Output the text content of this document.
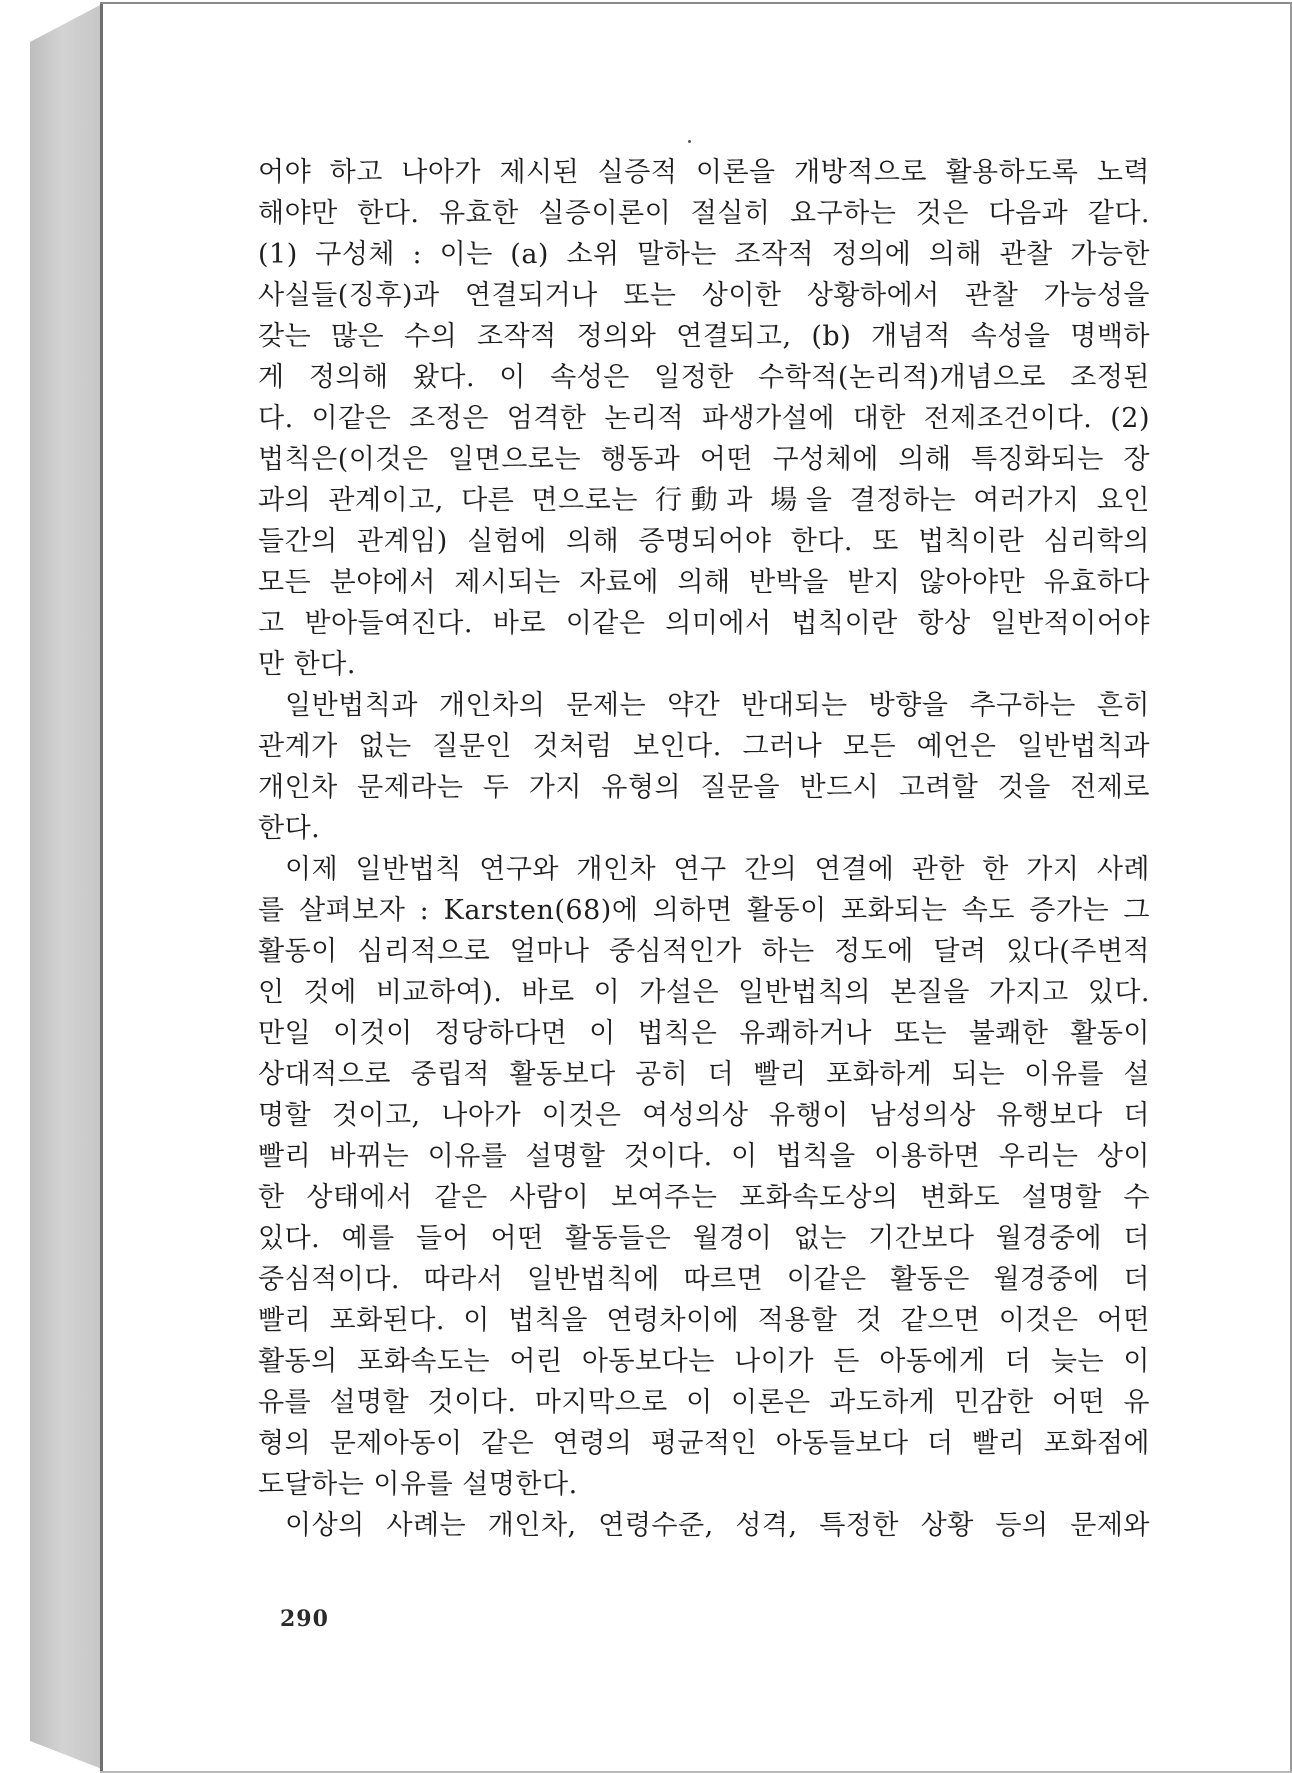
어야 하고 나아가 제시된 실증적 이론을 개방적으로 활용하도록 노력
해야만 한다. 유효한 실증이론이 절실히 요구하는 것은 다음과 같다.
(1) 구성체 : 이는 (a) 소위 말하는 조작적 정의에 의해 관찰 가능한
사실들(징후)과 연결되거나 또는 상이한 상황하에서 관찰 가능성을
갖는 많은 수의 조작적 정의와 연결되고, (b) 개념적 속성을 명백하
게 정의해 왔다. 이 속성은 일정한 수학적(논리적)개념으로 조정된
다. 이같은 조정은 엄격한 논리적 파생가설에 대한 전제조건이다. (2)
법칙은(이것은 일면으로는 행동과 어떤 구성체에 의해 특징화되는 장
과의 관계이고, 다른 면으로는 行動과 場을 결정하는 여러가지 요인
들간의 관계임) 실험에 의해 증명되어야 한다. 또 법칙이란 심리학의
모든 분야에서 제시되는 자료에 의해 반박을 받지 않아야만 유효하다
고 받아들여진다. 바로 이같은 의미에서 법칙이란 항상 일반적이어야
만 한다.
일반법칙과 개인차의 문제는 약간 반대되는 방향을 추구하는 흔히
관계가 없는 질문인 것처럼 보인다. 그러나 모든 예언은 일반법칙과
개인차 문제라는 두 가지 유형의 질문을 반드시 고려할 것을 전제로
한다.
이제 일반법칙 연구와 개인차 연구 간의 연결에 관한 한 가지 사례
를 살펴보자 : Karsten(68)에 의하면 활동이 포화되는 속도 증가는 그
활동이 심리적으로 얼마나 중심적인가 하는 정도에 달려 있다(주변적
인 것에 비교하여). 바로 이 가설은 일반법칙의 본질을 가지고 있다.
만일 이것이 정당하다면 이 법칙은 유쾌하거나 또는 불쾌한 활동이
상대적으로 중립적 활동보다 공히 더 빨리 포화하게 되는 이유를 설
명할 것이고, 나아가 이것은 여성의상 유행이 남성의상 유행보다 더
빨리 바뀌는 이유를 설명할 것이다. 이 법칙을 이용하면 우리는 상이
한 상태에서 같은 사람이 보여주는 포화속도상의 변화도 설명할 수
있다. 예를 들어 어떤 활동들은 월경이 없는 기간보다 월경중에 더
중심적이다. 따라서 일반법칙에 따르면 이같은 활동은 월경중에 더
빨리 포화된다. 이 법칙을 연령차이에 적용할 것 같으면 이것은 어떤
활동의 포화속도는 어린 아동보다는 나이가 든 아동에게 더 늦는 이
유를 설명할 것이다. 마지막으로 이 이론은 과도하게 민감한 어떤 유
형의 문제아동이 같은 연령의 평균적인 아동들보다 더 빨리 포화점에
도달하는 이유를 설명한다.
이상의 사례는 개인차, 연령수준, 성격, 특정한 상황 등의 문제와
290
